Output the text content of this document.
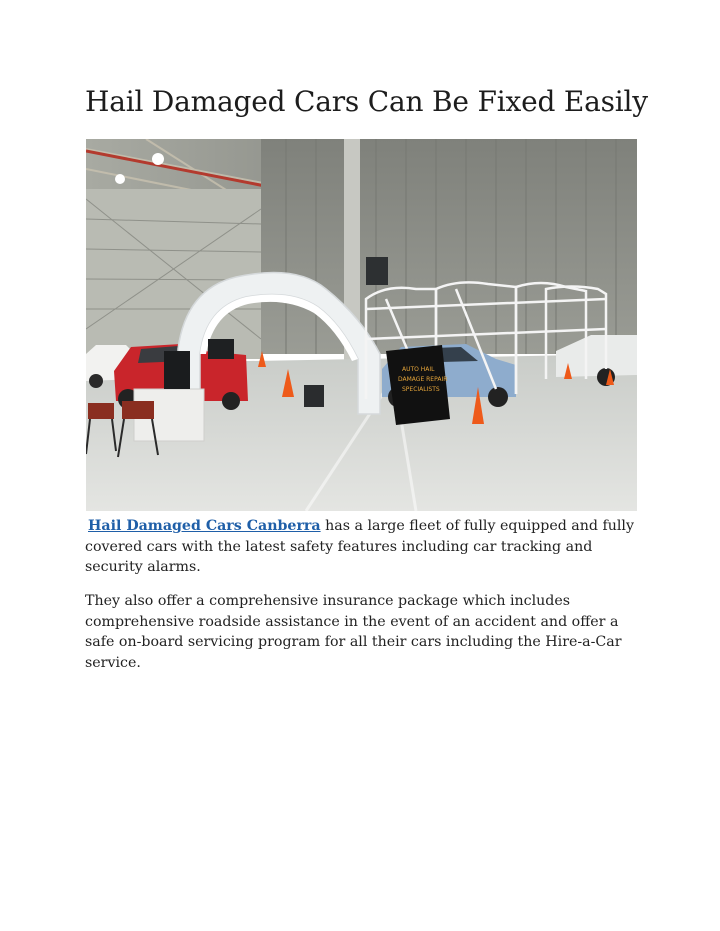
Hail Damaged Cars Can Be Fixed Easily
AUTO HAIL
DAMAGE REPAIR
SPECIALISTS

Hail Damaged Cars Canberra has a large fleet of fully equipped and fully covered cars with the latest safety features including car tracking and security alarms.

They also offer a comprehensive insurance package which includes comprehensive roadside assistance in the event of an accident and offer a safe on-board servicing program for all their cars including the Hire-a-Car service.
